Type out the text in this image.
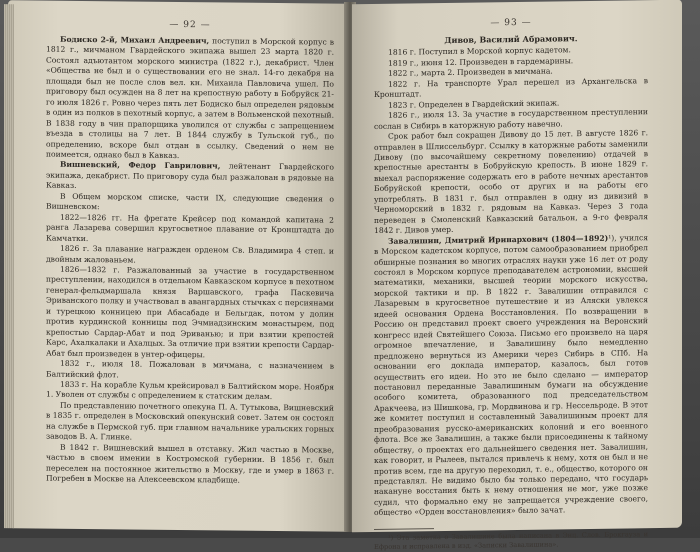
— 92 —

Бодиско 2-й, Михаил Андреевич, поступил в Морской корпус в 1812 г., мичманом Гвардейского экипажа вышел 23 марта 1820 г. Состоял адъютантом морского министра (1822 г.), декабрист. Член «Общества не был и о существовании его не знал. 14-го декабря на площади был не после слов вел. кн. Михаила Павловича ушел. По приговору был осужден на 8 лет на крепостную работу в Бобруйск 21-го июля 1826 г. Ровно через пять лет Бодиско был определен рядовым в один из полков в пехотный корпус, а затем в Вольменской пехотный. В 1838 году в чин прапорщика уволился от службы с запрещением въезда в столицы на 7 лет. В 1844 службу в Тульской губ., по определению, вскоре был отдан в ссылку. Сведений о нем не поимеется, однако был в Кавказ.

Вишневский, Федор Гаврилович, лейтенант Гвардейского экипажа, декабрист. По приговору суда был разжалован в рядовые на Кавказ.

В Общем морском списке, части IX, следующие сведения о Вишневском:

1822—1826 гг. На фрегате Крейсер под командой капитана 2 ранга Лазарева совершил кругосветное плавание от Кронштадта до Камчатки.

1826 г. За плавание награжден орденом Св. Владимира 4 степ. и двойным жалованьем.

1826—1832 г. Разжалованный за участие в государственном преступлении, находился в отдельном Кавказском корпусе в пехотном генерал-фельдмаршала князя Варшавского, графа Паскевича Эриванского полку и участвовал в авангардных стычках с персиянами и турецкою конницею при Абасабаде и Бельгдак, потом у долин против курдинской конницы под Эчмиадзинским монастырем, под крепостью Сардар-Абат и под Эриванью; и при взятии крепостей Карс, Ахалкалаки и Ахалцых. За отличие при взятии крепости Сардар-Абат был произведен в унтер-офицеры.

1832 г., июля 18. Пожалован в мичмана, с назначением в Балтийский флот.

1833 г. На корабле Кульм крейсировал в Балтийском море. Ноября 1. Уволен от службы с определением к статским делам.

По представлению почетного опекуна П. А. Тутыкова, Вишневский в 1835 г. определен в Московский опекунский совет. Затем он состоял на службе в Пермской губ. при главном начальнике уральских горных заводов В. А. Глинке.

В 1842 г. Вишневский вышел в отставку. Жил частью в Москве, частью в своем имении в Костромской губернии. В 1856 г. был переселен на постоянное жительство в Москву, где и умер в 1863 г. Погребен в Москве на Алексеевском кладбище.

— 93 —
Дивов, Василий Абрамович.

1816 г. Поступил в Морской корпус кадетом.

1819 г., июня 12. Произведен в гардемарины.

1822 г., марта 2. Произведен в мичмана.

1822 г. На транспорте Урал перешел из Архангельска в Кронштадт.

1823 г. Определен в Гвардейский экипаж.

1826 г., июля 13. За участие в государственном преступлении сослан в Сибирь в каторжную работу навечно.

Срок работ был сокращен Дивову до 15 лет. В августе 1826 г. отправлен в Шлиссельбург. Ссылку в каторжные работы заменили Дивову (по высочайшему секретному повелению) отдачей в крепостные арестанты в Бобруйскую крепость. В июне 1829 г. выехал распоряжение содержать его в работе нечных арестантов Бобруйской крепости, особо от других и на работы его употреблять. В 1831 г. был отправлен в одну из дивизий в Черноморский в 1832 г. рядовым на Кавказ. Через 3 года переведен в Смоленский Кавказский батальон, а 9-го февраля 1842 г. Дивов умер.

Завалишин, Дмитрий Иринархович (1804—1892)¹), учился в Морском кадетском корпусе, потом самообразованием приобрел обширные познания во многих отраслях науки уже 16 лет от роду состоял в Морском корпусе преподавателем астрономии, высшей математики, механики, высшей теории морского искусства, морской тактики и пр. В 1822 г. Завалишин отправился с Лазаревым в кругосветное путешествие и из Аляски увлекся идеей основания Ордена Восстановления. По возвращении в Россию он представил проект своего учреждения на Веронский конгресс идей Святейшего Союза. Письмо его произвело на царя огромное впечатление, и Завалишину было немедленно предложено вернуться из Америки через Сибирь в СПб. На основании его доклада император, казалось, был готов осуществить его идеи. Но это не было сделано — император постановил переданные Завалишиным бумаги на обсуждение особого комитета, образованного под председательством Аракчеева, из Шишкова, гр. Мордвинова и гр. Нессельроде. В этот же комитет поступил и составленный Завалишиным проект для преобразования русско-американских колоний и его военного флота. Все же Завалишин, а также были присоединены к тайному обществу, о проектах его дальнейшего сведения нет. Завалишин, как говорит, и Рылеев, пытался привлечь к нему, хотя он был и не против всем, где на другую переходил, т. е., общество, которого он представлял. Не видимо было бы только передано, что государь накануне восстания быть к нему отношения не мог, уже позже судил, что формально ему не запрещается учреждение своего, общество «Орден восстановления» было зачат.

¹) Эта заметка о Завалишине была написана в Энц. Слов. Брокгауза и Ефрона и исправлена в изд. «Записки Завалишина».
